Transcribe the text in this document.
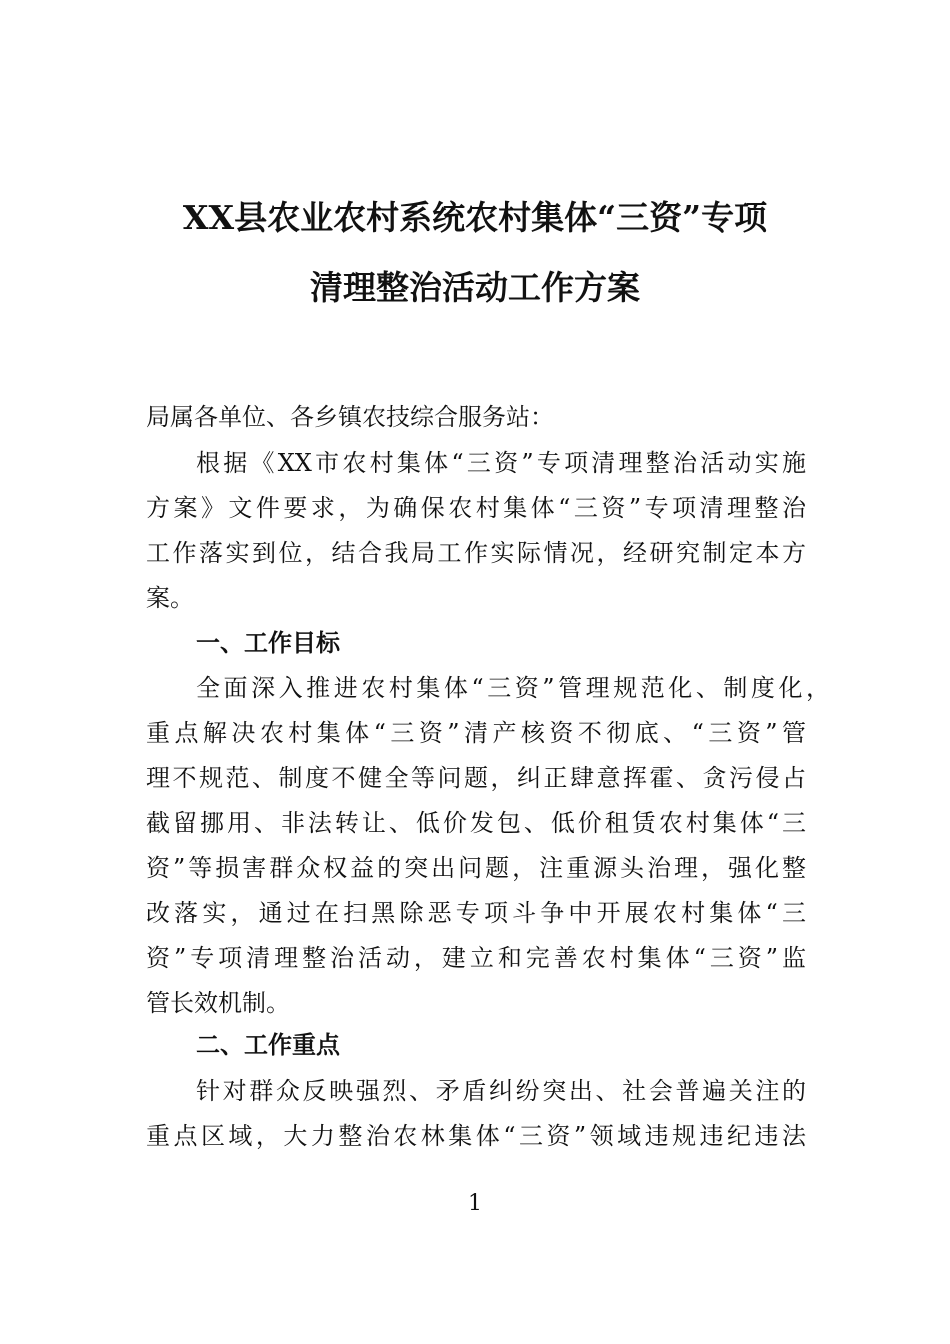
XX县农业农村系统农村集体“三资”专项
清理整治活动工作方案
局属各单位、各乡镇农技综合服务站：
根据《XX市农村集体“三资”专项清理整治活动实施
方案》文件要求，为确保农村集体“三资”专项清理整治
工作落实到位，结合我局工作实际情况，经研究制定本方
案。
一、工作目标
全面深入推进农村集体“三资”管理规范化、制度化，
重点解决农村集体“三资”清产核资不彻底、“三资”管
理不规范、制度不健全等问题，纠正肆意挥霍、贪污侵占
截留挪用、非法转让、低价发包、低价租赁农村集体“三
资”等损害群众权益的突出问题，注重源头治理，强化整
改落实，通过在扫黑除恶专项斗争中开展农村集体“三
资”专项清理整治活动，建立和完善农村集体“三资”监
管长效机制。
二、工作重点
针对群众反映强烈、矛盾纠纷突出、社会普遍关注的
重点区域，大力整治农林集体“三资”领域违规违纪违法
1
